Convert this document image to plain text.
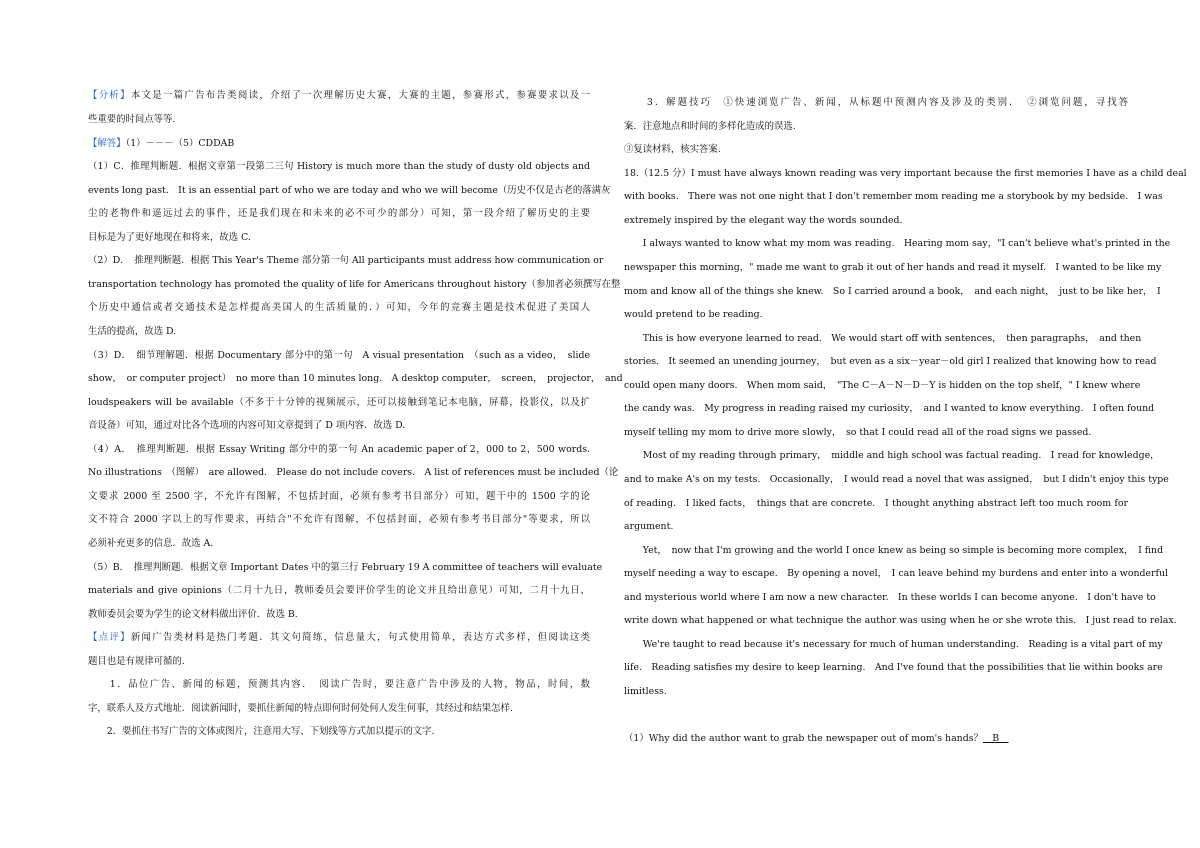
【分析】本文是一篇广告布告类阅读，介绍了一次理解历史大赛，大赛的主题，参赛形式，参赛要求以及一
些重要的时间点等等.
【解答】（1）－－－（5）CDDAB
（1）C．推理判断题．根据文章第一段第二三句 History is much more than the study of dusty old objects and
events long past.　It is an essential part of who we are today and who we will become（历史不仅是古老的落满灰
尘的老物件和遥远过去的事件，还是我们现在和未来的必不可少的部分）可知，第一段介绍了解历史的主要
目标是为了更好地现在和将来，故选 C.
（2）D．　推理判断题．根据 This Year's Theme 部分第一句 All participants must address how communication or
transportation technology has promoted the quality of life for Americans throughout history（参加者必须撰写在整
个历史中通信或者交通技术是怎样提高美国人的生活质量的．）可知，今年的竞赛主题是技术促进了美国人
生活的提高，故选 D.
（3）D．　细节理解题．根据 Documentary 部分中的第一句　A visual presentation　（such as a video，　slide
show，　or computer project）　no more than 10 minutes long.　A desktop computer，　screen，　projector，　and
loudspeakers will be available（不多于十分钟的视频展示，还可以接触到笔记本电脑，屏幕，投影仪，以及扩
音设备）可知，通过对比各个选项的内容可知文章提到了 D 项内容．故选 D.
（4）A．　推理判断题．根据 Essay Writing 部分中的第一句 An academic paper of 2，000 to 2，500 words.
No illustrations　（图解）　are allowed.　Please do not include covers.　A list of references must be included（论
文要求 2000 至 2500 字，不允许有图解，不包括封面，必须有参考书目部分）可知，题干中的 1500 字的论
文不符合 2000 字以上的写作要求，再结合"不允许有图解，不包括封面，必须有参考书目部分"等要求，所以
必须补充更多的信息．故选 A.
（5）B．　推理判断题．根据文章 Important Dates 中的第三行 February 19 A committee of teachers will evaluate
materials and give opinions（二月十九日，教师委员会要评价学生的论文并且给出意见）可知，二月十九日，
教师委员会要为学生的论文材料做出评价．故选 B.
【点评】新闻广告类材料是热门考题．其文句简练，信息量大，句式使用简单，表达方式多样，但阅读这类
题目也是有规律可循的.
　　1．品位广告、新闻的标题，预测其内容．　阅读广告时，要注意广告中涉及的人物，物品，时间，数
字，联系人及方式地址．阅读新闻时，要抓住新闻的特点即何时何处何人发生何事，其经过和结果怎样.
　　2．要抓住书写广告的文体或图片，注意用大写、下划线等方式加以提示的文字.
　　3．解题技巧　①快速浏览广告、新闻，从标题中预测内容及涉及的类别．　②浏览问题，寻找答
案．注意地点和时间的多样化造成的误选.
③复读材料，核实答案.
18.（12.5 分）I must have always known reading was very important because the first memories I have as a child deal
with books.　There was not one night that I don't remember mom reading me a storybook by my bedside.　I was
extremely inspired by the elegant way the words sounded.
　　I always wanted to know what my mom was reading.　Hearing mom say，"I can't believe what's printed in the
newspaper this morning，" made me want to grab it out of her hands and read it myself.　I wanted to be like my
mom and know all of the things she knew.　So I carried around a book，　and each night，　just to be like her，　I
would pretend to be reading.
　　This is how everyone learned to read.　We would start off with sentences，　then paragraphs，　and then
stories.　It seemed an unending journey，　but even as a six－year－old girl I realized that knowing how to read
could open many doors.　When mom said，　"The C－A－N－D－Y is hidden on the top shelf，" I knew where
the candy was.　My progress in reading raised my curiosity，　and I wanted to know everything.　I often found
myself telling my mom to drive more slowly，　so that I could read all of the road signs we passed.
　　Most of my reading through primary，　middle and high school was factual reading.　I read for knowledge，
and to make A's on my tests.　Occasionally，　I would read a novel that was assigned，　but I didn't enjoy this type
of reading.　I liked facts，　things that are concrete.　I thought anything abstract left too much room for
argument.
　　Yet，　now that I'm growing and the world I once knew as being so simple is becoming more complex，　I find
myself needing a way to escape.　By opening a novel，　I can leave behind my burdens and enter into a wonderful
and mysterious world where I am now a new character.　In these worlds I can become anyone.　I don't have to
write down what happened or what technique the author was using when he or she wrote this.　I just read to relax.
　　We're taught to read because it's necessary for much of human understanding.　Reading is a vital part of my
life.　Reading satisfies my desire to keep learning.　And I've found that the possibilities that lie within books are
limitless.
（1）Why did the author want to grab the newspaper out of mom's hands？　B　
